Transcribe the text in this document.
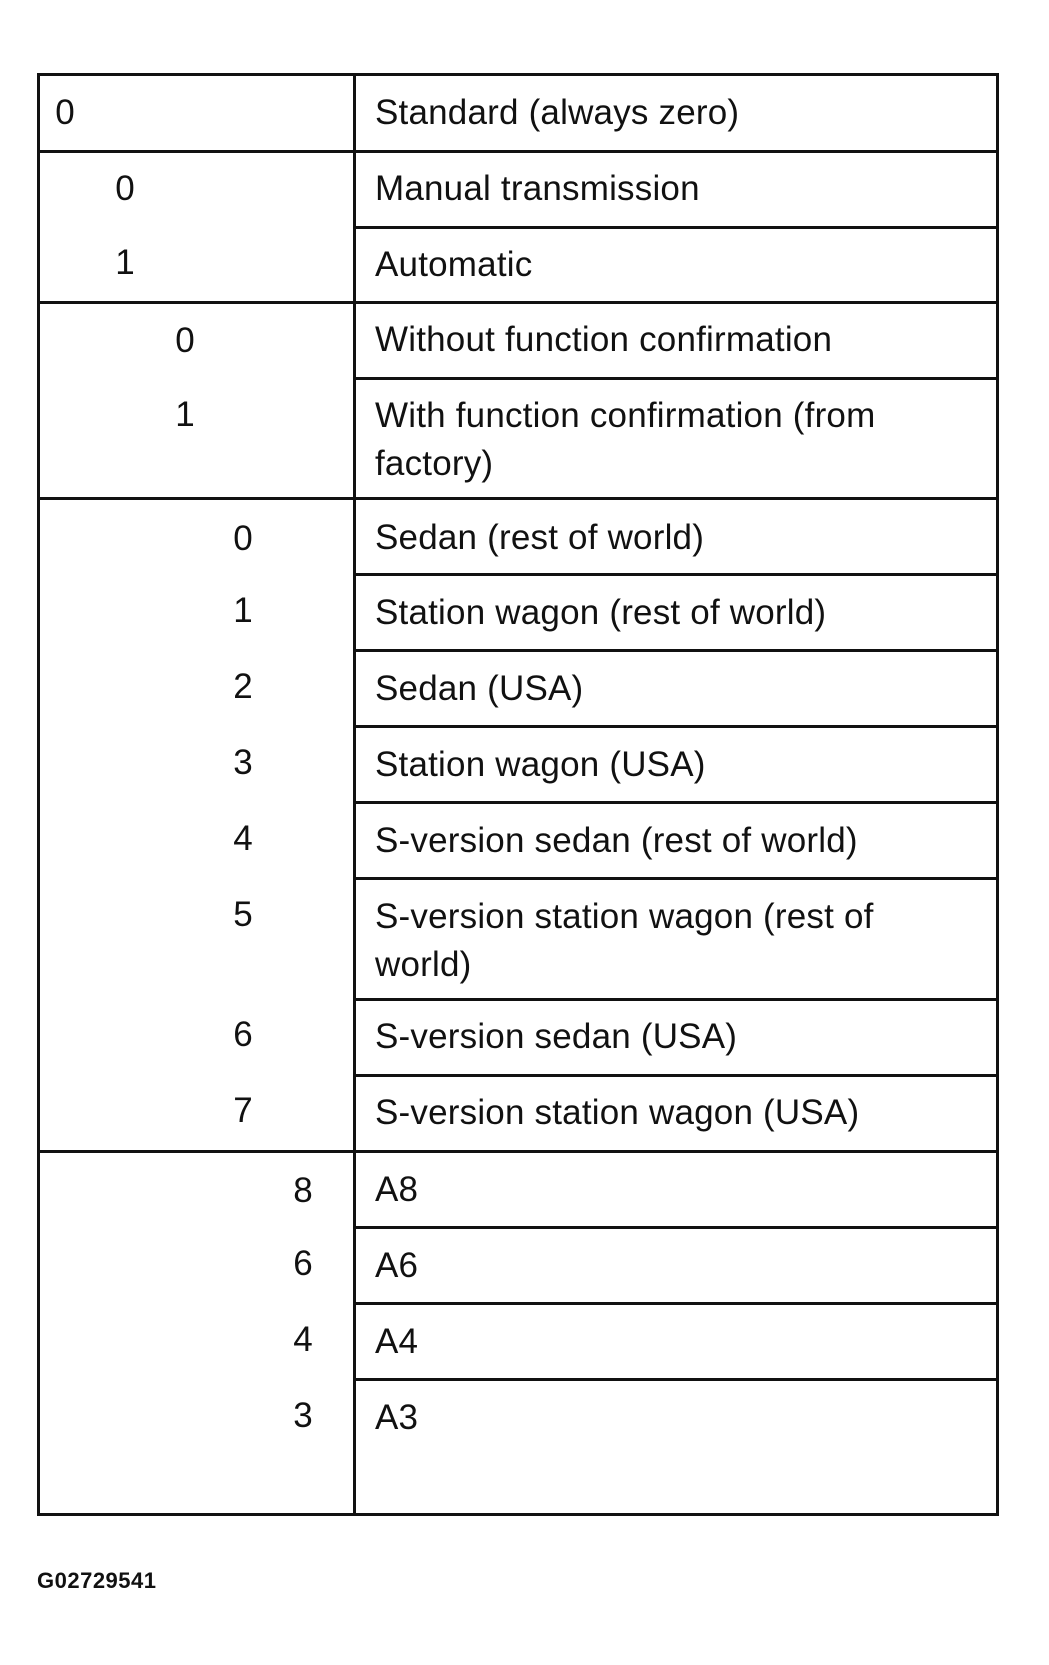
0	Standard (always zero)
0	Manual transmission
1	Automatic
0	Without function confirmation
1	With function confirmation (from factory)
0	Sedan (rest of world)
1	Station wagon (rest of world)
2	Sedan (USA)
3	Station wagon (USA)
4	S-version sedan (rest of world)
5	S-version station wagon (rest of world)
6	S-version sedan (USA)
7	S-version station wagon (USA)
8 A8
6 A6
4 A4
3 A3
G02729541
